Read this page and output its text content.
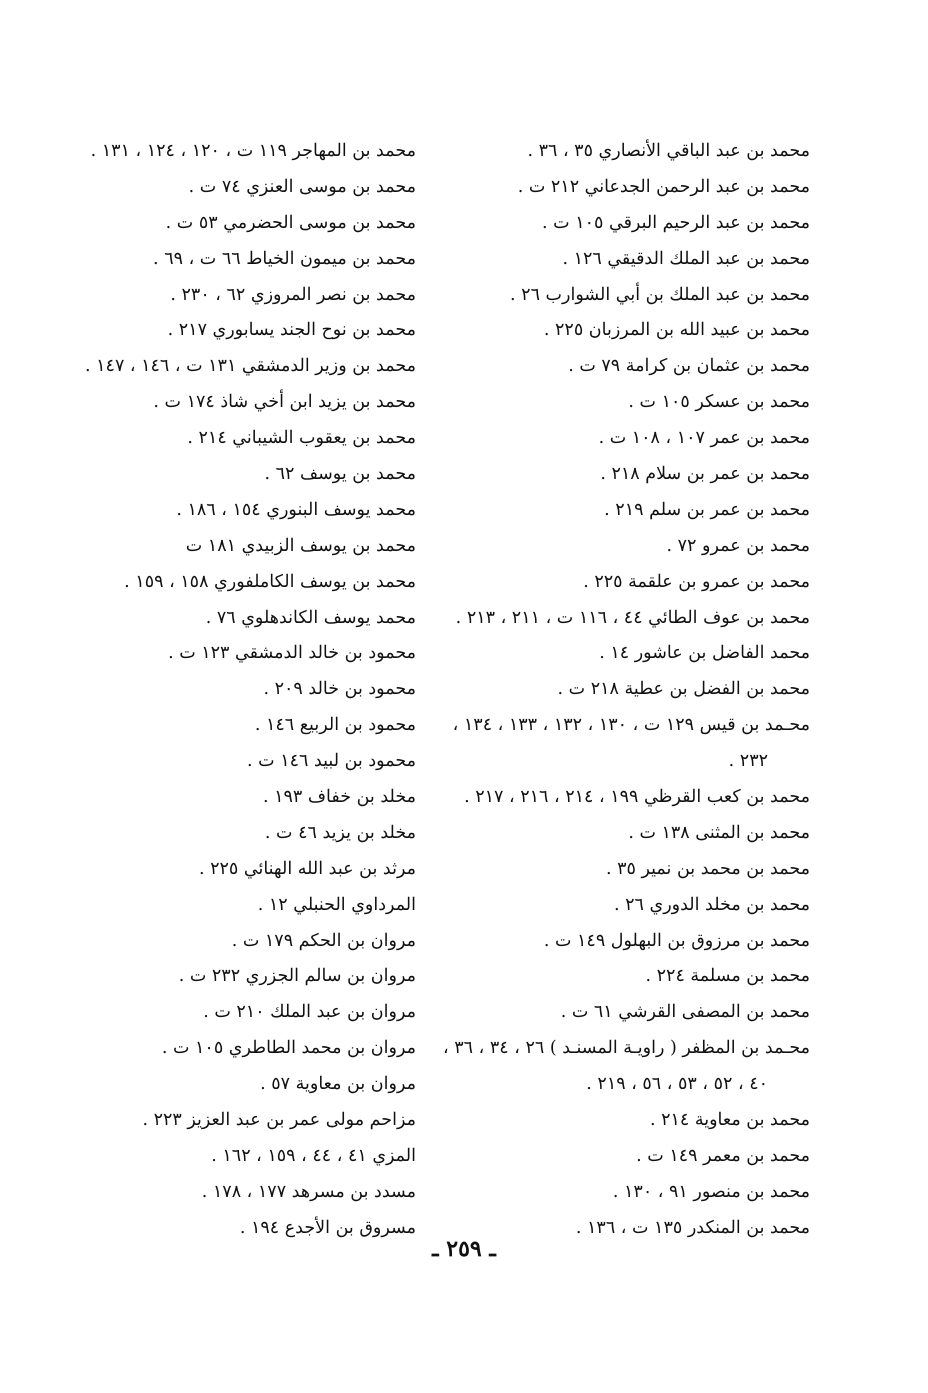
محمد بن عبد الباقي الأنصاري ٣٥ ، ٣٦ .
محمد بن عبد الرحمن الجدعاني ٢١٢ ت .
محمد بن عبد الرحيم البرقي ١٠٥ ت .
محمد بن عبد الملك الدقيقي ١٢٦ .
محمد بن عبد الملك بن أبي الشوارب ٢٦ .
محمد بن عبيد الله بن المرزبان ٢٢٥ .
محمد بن عثمان بن كرامة ٧٩ ت .
محمد بن عسكر ١٠٥ ت .
محمد بن عمر ١٠٧ ، ١٠٨ ت .
محمد بن عمر بن سلام ٢١٨ .
محمد بن عمر بن سلم ٢١٩ .
محمد بن عمرو ٧٢ .
محمد بن عمرو بن علقمة ٢٢٥ .
محمد بن عوف الطائي ٤٤ ، ١١٦ ت ، ٢١١ ، ٢١٣ .
محمد الفاضل بن عاشور ١٤ .
محمد بن الفضل بن عطية ٢١٨ ت .
محـمد بن قيس ١٢٩ ت ، ١٣٠ ، ١٣٢ ، ١٣٣ ، ١٣٤ ،
٢٣٢ .
محمد بن كعب القرظي ١٩٩ ، ٢١٤ ، ٢١٦ ، ٢١٧ .
محمد بن المثنى ١٣٨ ت .
محمد بن محمد بن نمير ٣٥ .
محمد بن مخلد الدوري ٢٦ .
محمد بن مرزوق بن البهلول ١٤٩ ت .
محمد بن مسلمة ٢٢٤ .
محمد بن المصفى القرشي ٦١ ت .
محـمد بن المظفر ( راويـة المسنـد ) ٢٦ ، ٣٤ ، ٣٦ ،
٤٠ ، ٥٢ ، ٥٣ ، ٥٦ ، ٢١٩ .
محمد بن معاوية ٢١٤ .
محمد بن معمر ١٤٩ ت .
محمد بن منصور ٩١ ، ١٣٠ .
محمد بن المنكدر ١٣٥ ت ، ١٣٦ .
محمد بن المهاجر ١١٩ ت ، ١٢٠ ، ١٢٤ ، ١٣١ .
محمد بن موسى العنزي ٧٤ ت .
محمد بن موسى الحضرمي ٥٣ ت .
محمد بن ميمون الخياط ٦٦ ت ، ٦٩ .
محمد بن نصر المروزي ٦٢ ، ٢٣٠ .
محمد بن نوح الجند يسابوري ٢١٧ .
محمد بن وزير الدمشقي ١٣١ ت ، ١٤٦ ، ١٤٧ .
محمد بن يزيد ابن أخي شاذ ١٧٤ ت .
محمد بن يعقوب الشيباني ٢١٤ .
محمد بن يوسف ٦٢ .
محمد يوسف البنوري ١٥٤ ، ١٨٦ .
محمد بن يوسف الزبيدي ١٨١ ت
محمد بن يوسف الكاملفوري ١٥٨ ، ١٥٩ .
محمد يوسف الكاندهلوي ٧٦ .
محمود بن خالد الدمشقي ١٢٣ ت .
محمود بن خالد ٢٠٩ .
محمود بن الربيع ١٤٦ .
محمود بن لبيد ١٤٦ ت .
مخلد بن خفاف ١٩٣ .
مخلد بن يزيد ٤٦ ت .
مرثد بن عبد الله الهنائي ٢٢٥ .
المرداوي الحنبلي ١٢ .
مروان بن الحكم ١٧٩ ت .
مروان بن سالم الجزري ٢٣٢ ت .
مروان بن عبد الملك ٢١٠ ت .
مروان بن محمد الطاطري ١٠٥ ت .
مروان بن معاوية ٥٧ .
مزاحم مولى عمر بن عبد العزيز ٢٢٣ .
المزي ٤١ ، ٤٤ ، ١٥٩ ، ١٦٢ .
مسدد بن مسرهد ١٧٧ ، ١٧٨ .
مسروق بن الأجدع ١٩٤ .
ـ ٢٥٩ ـ
